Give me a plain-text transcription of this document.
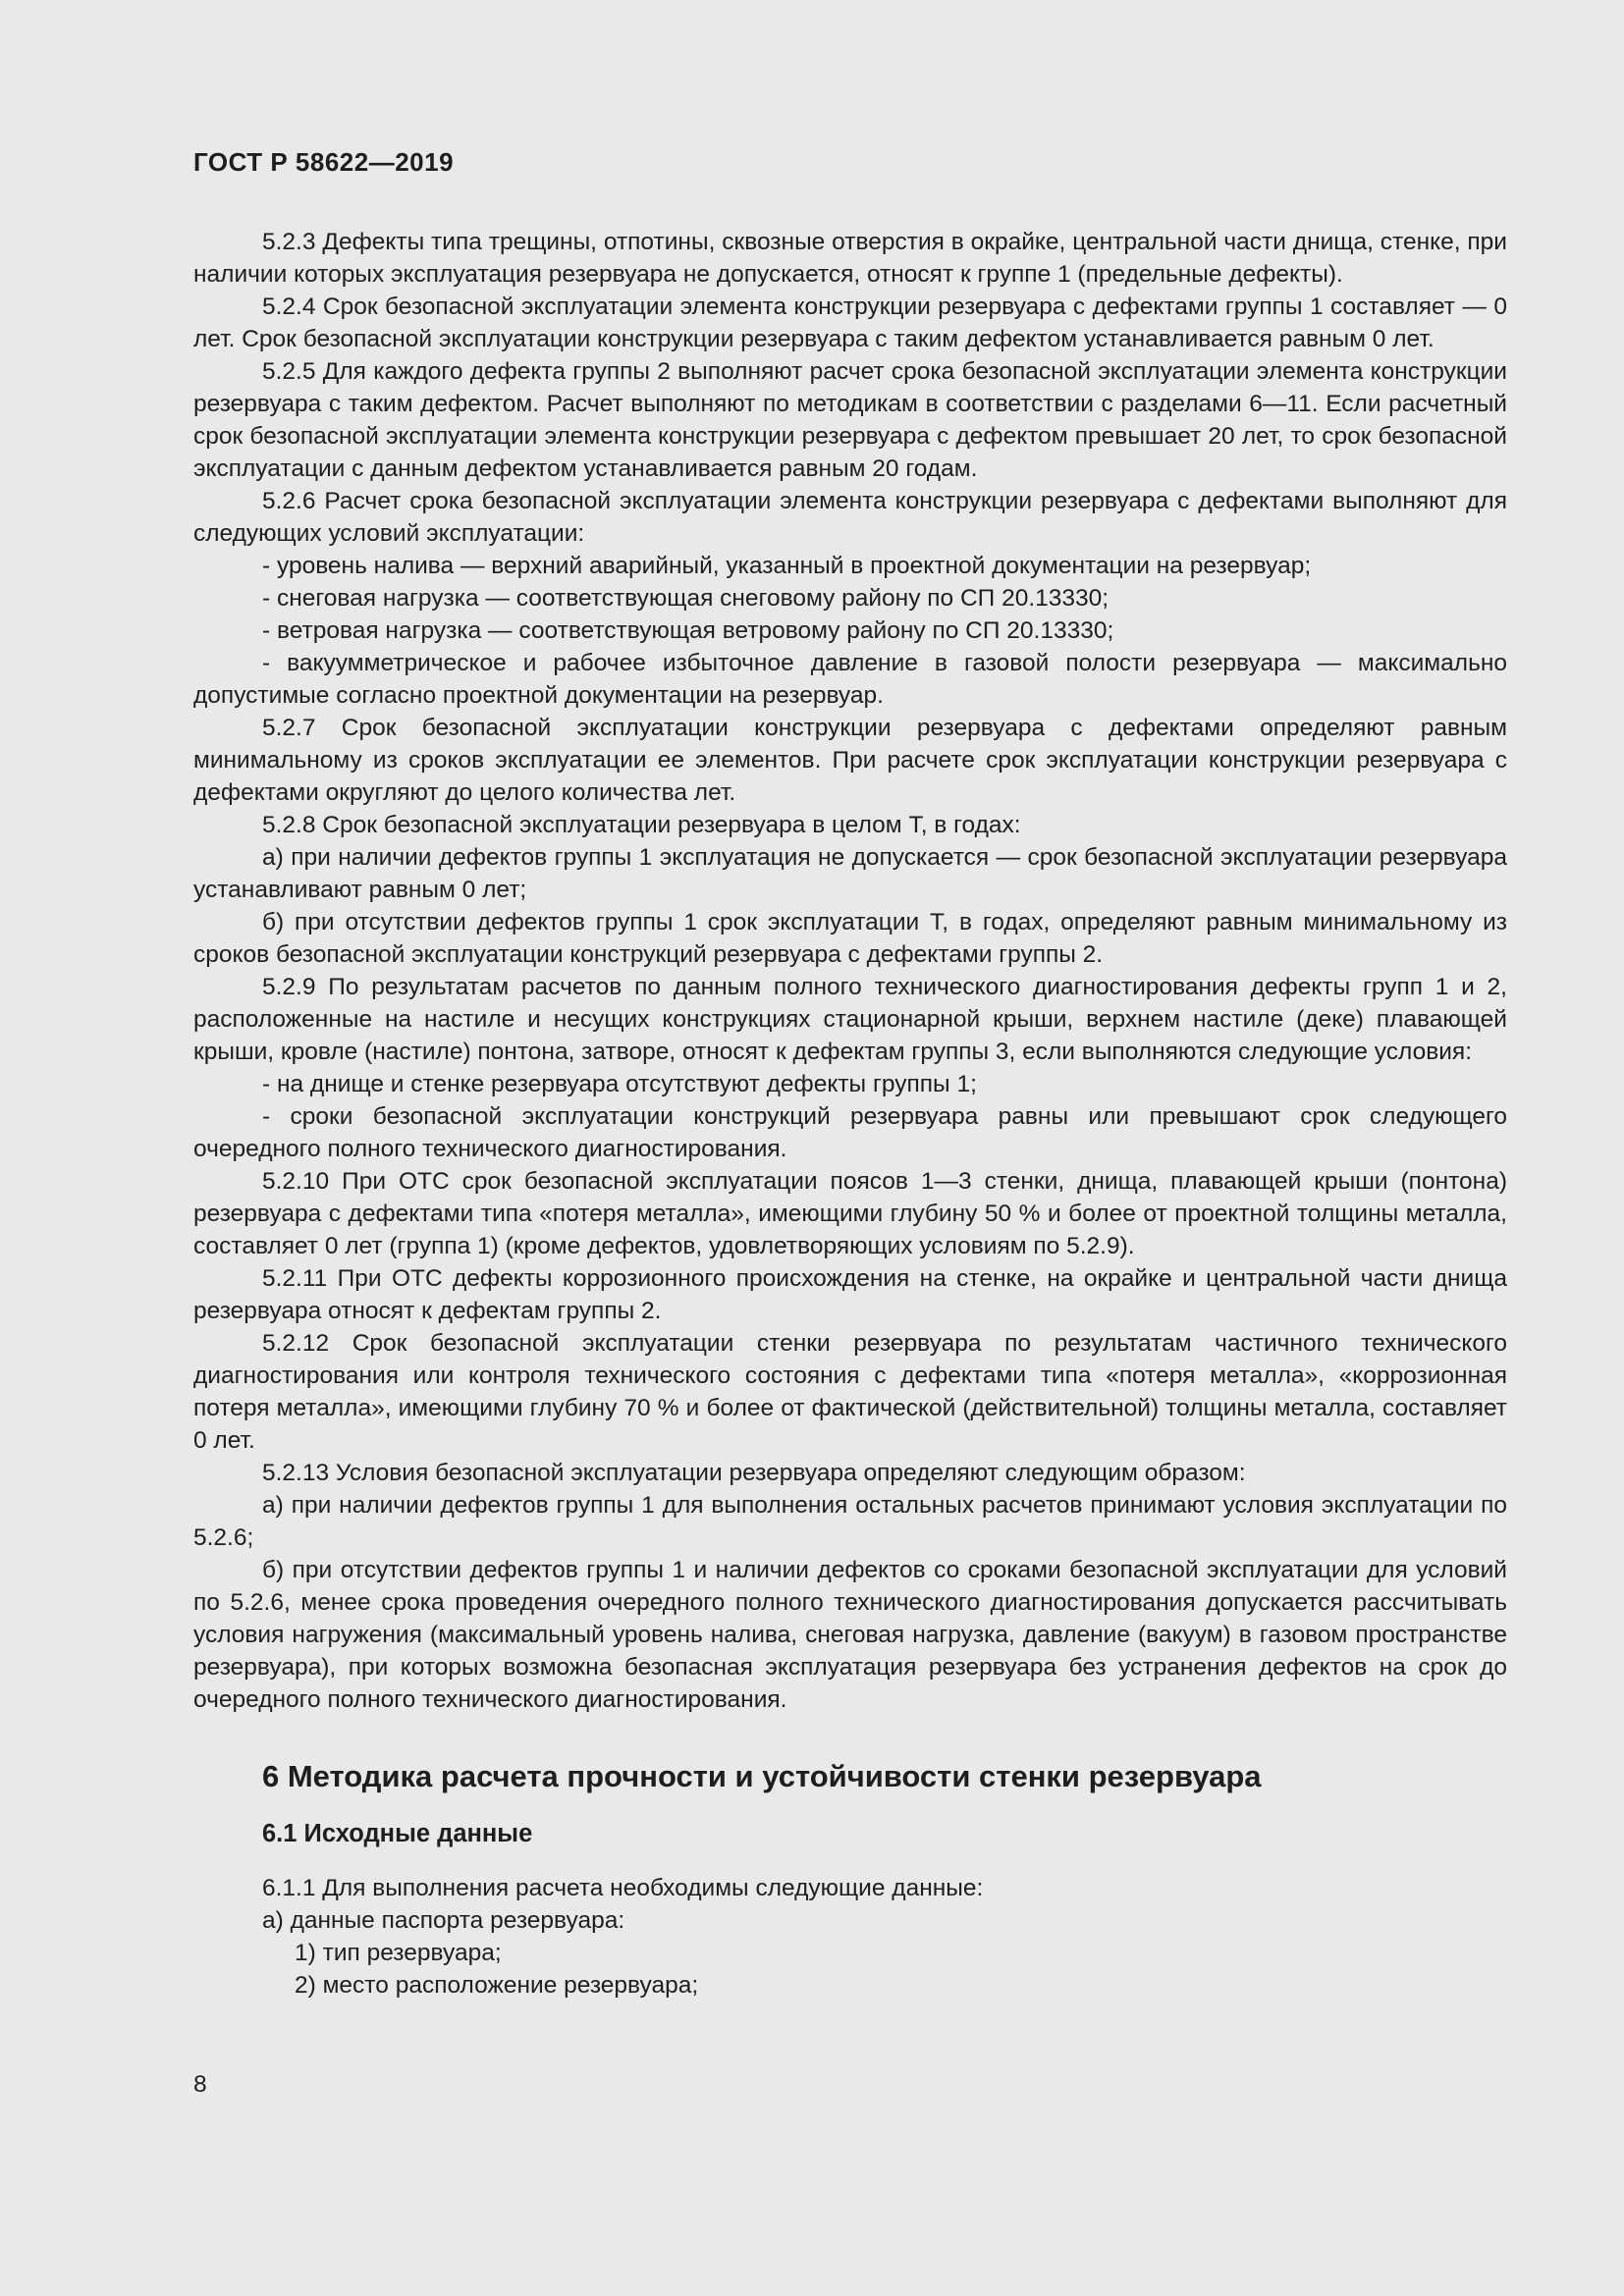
ГОСТ Р 58622—2019

5.2.3 Дефекты типа трещины, отпотины, сквозные отверстия в окрайке, центральной части днища, стенке, при наличии которых эксплуатация резервуара не допускается, относят к группе 1 (предельные дефекты).

5.2.4 Срок безопасной эксплуатации элемента конструкции резервуара с дефектами группы 1 составляет — 0 лет. Срок безопасной эксплуатации конструкции резервуара с таким дефектом устанавливается равным 0 лет.

5.2.5 Для каждого дефекта группы 2 выполняют расчет срока безопасной эксплуатации элемента конструкции резервуара с таким дефектом. Расчет выполняют по методикам в соответствии с разделами 6—11. Если расчетный срок безопасной эксплуатации элемента конструкции резервуара с дефектом превышает 20 лет, то срок безопасной эксплуатации с данным дефектом устанавливается равным 20 годам.

5.2.6 Расчет срока безопасной эксплуатации элемента конструкции резервуара с дефектами выполняют для следующих условий эксплуатации:

- уровень налива — верхний аварийный, указанный в проектной документации на резервуар;

- снеговая нагрузка — соответствующая снеговому району по СП 20.13330;

- ветровая нагрузка — соответствующая ветровому району по СП 20.13330;

- вакуумметрическое и рабочее избыточное давление в газовой полости резервуара — максимально допустимые согласно проектной документации на резервуар.

5.2.7 Срок безопасной эксплуатации конструкции резервуара с дефектами определяют равным минимальному из сроков эксплуатации ее элементов. При расчете срок эксплуатации конструкции резервуара с дефектами округляют до целого количества лет.

5.2.8 Срок безопасной эксплуатации резервуара в целом T, в годах:

а) при наличии дефектов группы 1 эксплуатация не допускается — срок безопасной эксплуатации резервуара устанавливают равным 0 лет;

б) при отсутствии дефектов группы 1 срок эксплуатации T, в годах, определяют равным минимальному из сроков безопасной эксплуатации конструкций резервуара с дефектами группы 2.

5.2.9 По результатам расчетов по данным полного технического диагностирования дефекты групп 1 и 2, расположенные на настиле и несущих конструкциях стационарной крыши, верхнем настиле (деке) плавающей крыши, кровле (настиле) понтона, затворе, относят к дефектам группы 3, если выполняются следующие условия:

- на днище и стенке резервуара отсутствуют дефекты группы 1;

- сроки безопасной эксплуатации конструкций резервуара равны или превышают срок следующего очередного полного технического диагностирования.

5.2.10 При ОТС срок безопасной эксплуатации поясов 1—3 стенки, днища, плавающей крыши (понтона) резервуара с дефектами типа «потеря металла», имеющими глубину 50 % и более от проектной толщины металла, составляет 0 лет (группа 1) (кроме дефектов, удовлетворяющих условиям по 5.2.9).

5.2.11 При ОТС дефекты коррозионного происхождения на стенке, на окрайке и центральной части днища резервуара относят к дефектам группы 2.

5.2.12 Срок безопасной эксплуатации стенки резервуара по результатам частичного технического диагностирования или контроля технического состояния с дефектами типа «потеря металла», «коррозионная потеря металла», имеющими глубину 70 % и более от фактической (действительной) толщины металла, составляет 0 лет.

5.2.13 Условия безопасной эксплуатации резервуара определяют следующим образом:

а) при наличии дефектов группы 1 для выполнения остальных расчетов принимают условия эксплуатации по 5.2.6;

б) при отсутствии дефектов группы 1 и наличии дефектов со сроками безопасной эксплуатации для условий по 5.2.6, менее срока проведения очередного полного технического диагностирования допускается рассчитывать условия нагружения (максимальный уровень налива, снеговая нагрузка, давление (вакуум) в газовом пространстве резервуара), при которых возможна безопасная эксплуатация резервуара без устранения дефектов на срок до очередного полного технического диагностирования.

6 Методика расчета прочности и устойчивости стенки резервуара

6.1 Исходные данные

6.1.1 Для выполнения расчета необходимы следующие данные:

а) данные паспорта резервуара:

1) тип резервуара;

2) место расположение резервуара;

8
